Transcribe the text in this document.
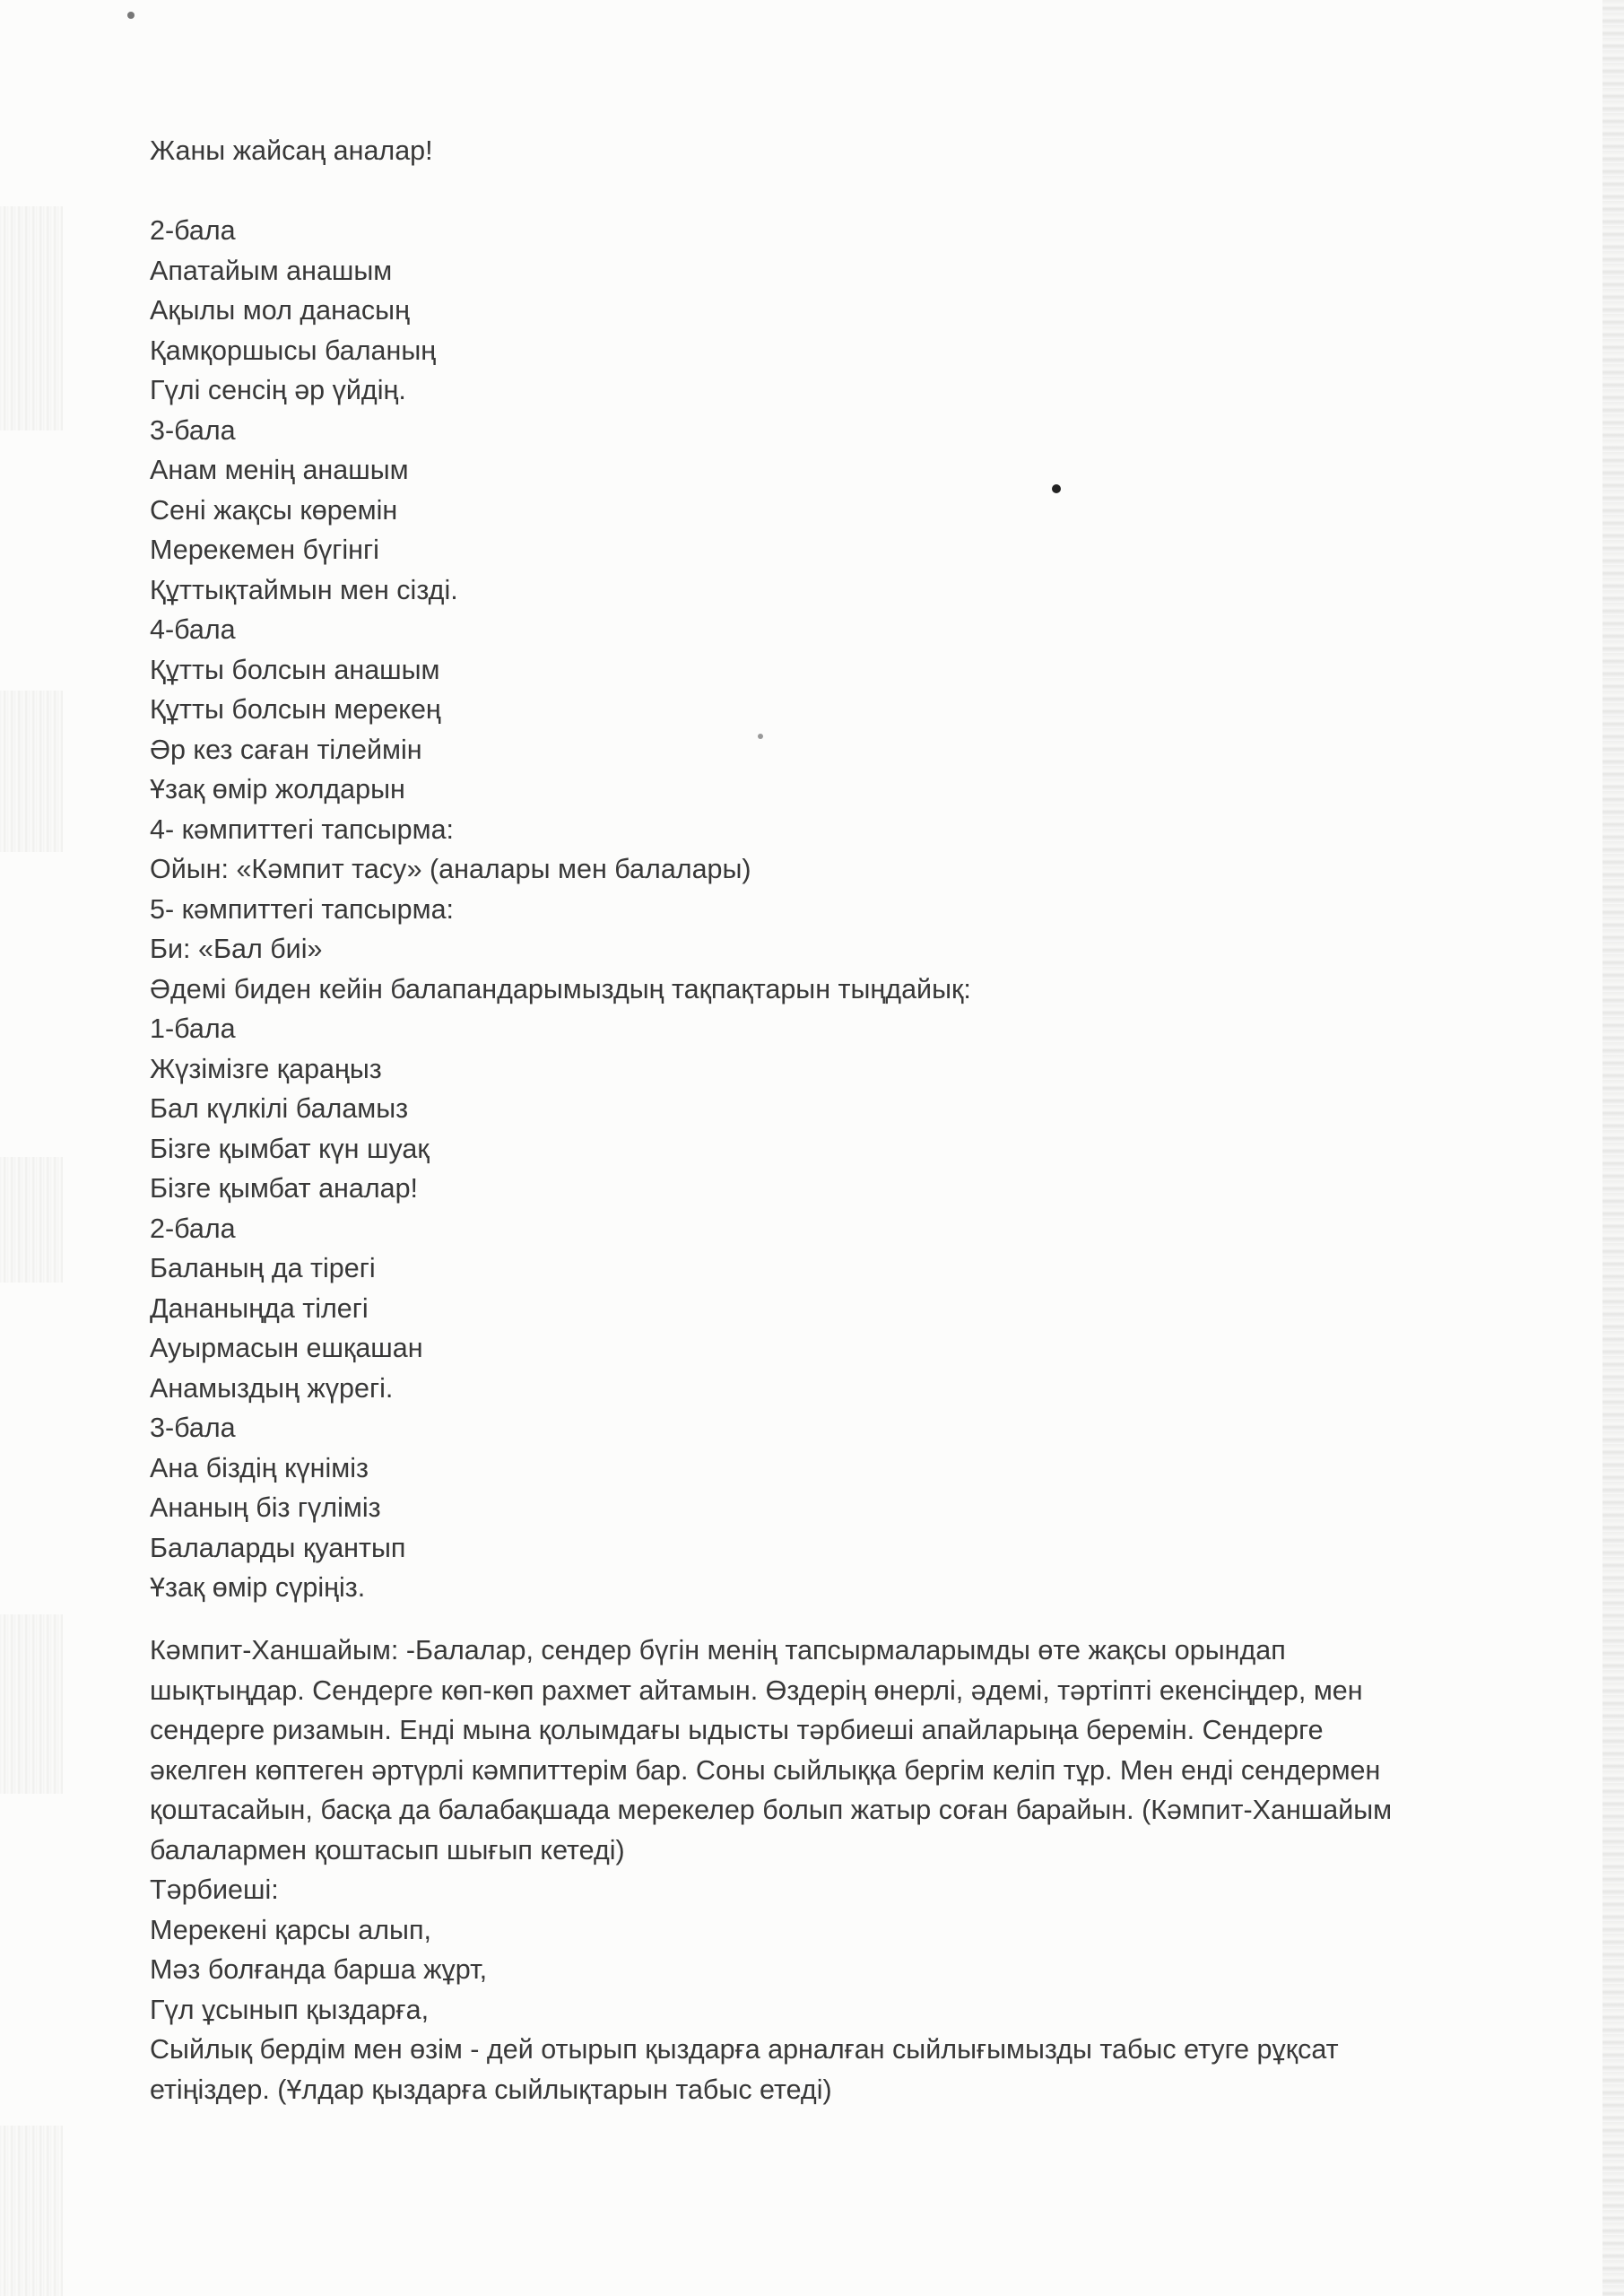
Жаны жайсаң аналар!
2-бала
Апатайым анашым
Ақылы мол данасың
Қамқоршысы баланың
Гүлі сенсің әр үйдің.
3-бала
Анам менің анашым
Сені жақсы көремін
Мерекемен бүгінгі
Құттықтаймын мен сізді.
4-бала
Құтты болсын анашым
Құтты болсын мерекең
Әр кез саған тілеймін
Ұзақ өмір жолдарын
4- кәмпиттегі тапсырма:
Ойын: «Кәмпит тасу» (аналары мен балалары)
5- кәмпиттегі тапсырма:
Би: «Бал биі»
Әдемі биден кейін балапандарымыздың тақпақтарын тыңдайық:
1-бала
Жүзімізге қараңыз
Бал күлкілі баламыз
Бізге қымбат күн шуақ
Бізге қымбат аналар!
2-бала
Баланың да тірегі
Дананыңда тілегі
Ауырмасын ешқашан
Анамыздың жүрегі.
3-бала
Ана біздің күніміз
Ананың біз гүліміз
Балаларды қуантып
Ұзақ өмір сүріңіз.
Кәмпит-Ханшайым: -Балалар, сендер бүгін менің тапсырмаларымды өте жақсы орындап
шықтыңдар. Сендерге көп-көп рахмет айтамын. Өздерің өнерлі, әдемі, тәртіпті екенсіңдер, мен
сендерге ризамын. Енді мына қолымдағы ыдысты тәрбиеші апайларыңа беремін. Сендерге
әкелген көптеген әртүрлі кәмпиттерім бар. Соны сыйлыққа бергім келіп тұр. Мен енді сендермен
қоштасайын, басқа да балабақшада мерекелер болып жатыр соған барайын. (Кәмпит-Ханшайым
балалармен қоштасып шығып кетеді)
Тәрбиеші:
Мерекені қарсы алып,
Мәз болғанда барша жұрт,
Гүл ұсынып қыздарға,
Сыйлық бердім мен өзім - дей отырып қыздарға арналған сыйлығымызды табыс етуге рұқсат
етіңіздер. (Ұлдар қыздарға сыйлықтарын табыс етеді)
